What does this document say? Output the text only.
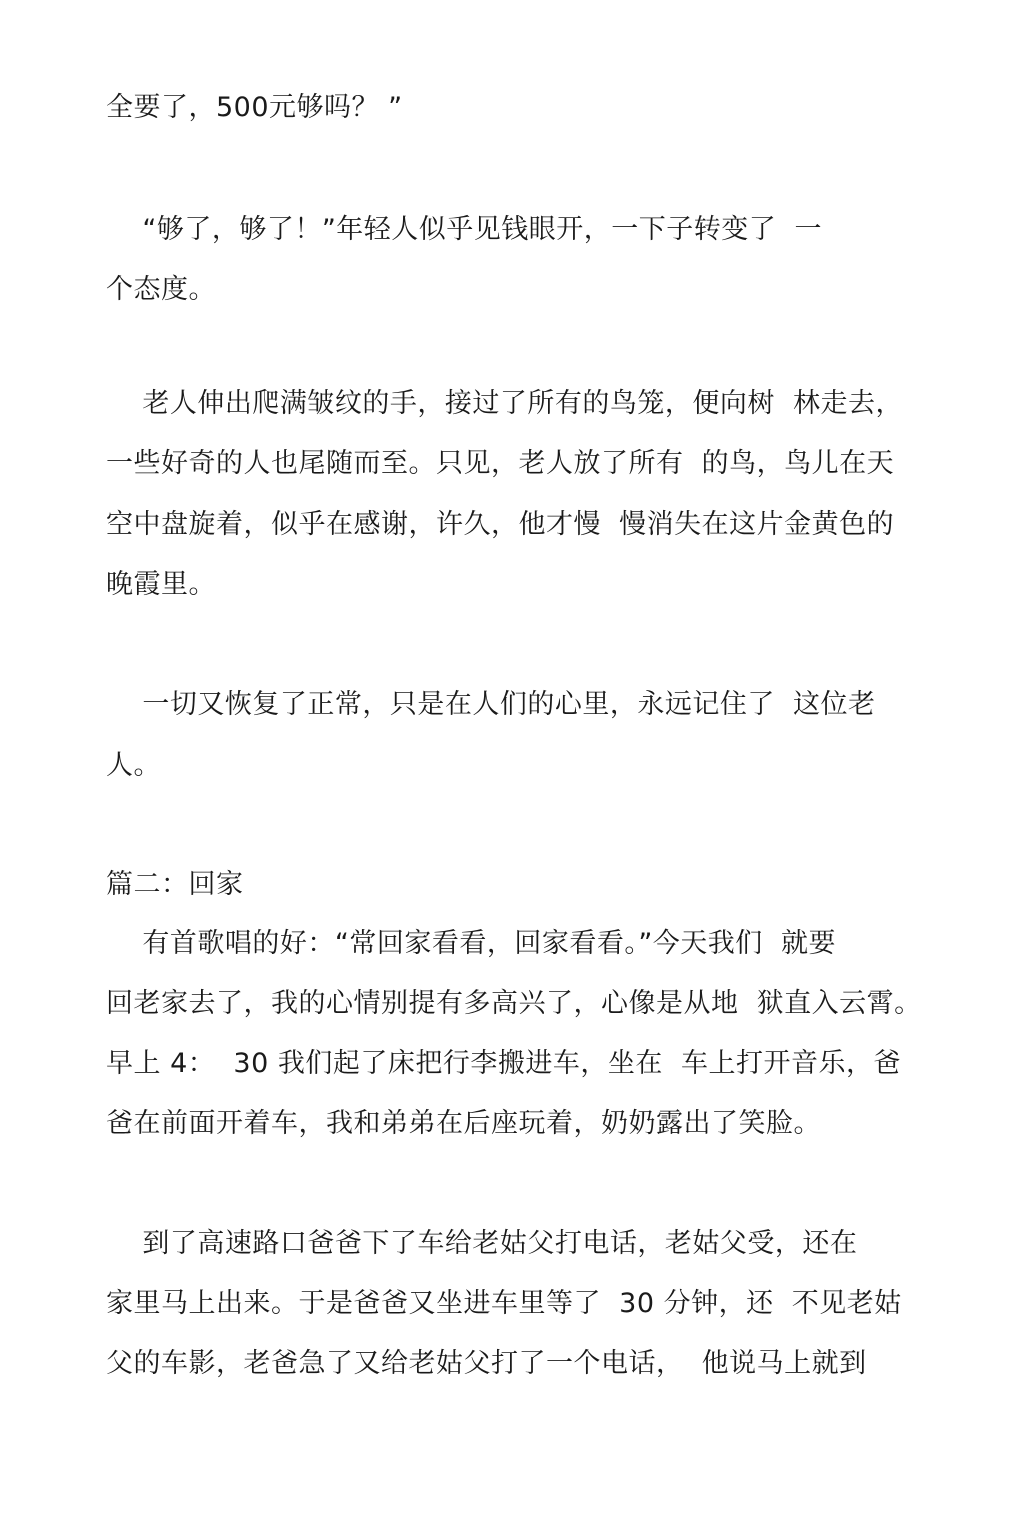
全要了，500元够吗？ ”
“够了，够了！”年轻人似乎见钱眼开，一下子转变了  一
个态度。
老人伸出爬满皱纹的手，接过了所有的鸟笼，便向树  林走去，
一些好奇的人也尾随而至。只见，老人放了所有  的鸟，鸟儿在天
空中盘旋着，似乎在感谢，许久，他才慢  慢消失在这片金黄色的
晚霞里。
一切又恢复了正常，只是在人们的心里，永远记住了  这位老
人。
篇二：回家
有首歌唱的好：“常回家看看，回家看看。”今天我们  就要
回老家去了，我的心情别提有多高兴了，心像是从地  狱直入云霄。
早上 4：  30 我们起了床把行李搬进车，坐在  车上打开音乐，爸
爸在前面开着车，我和弟弟在后座玩着，奶奶露出了笑脸。
到了高速路口爸爸下了车给老姑父打电话，老姑父受，还在
家里马上出来。于是爸爸又坐进车里等了  30 分钟，还  不见老姑
父的车影，老爸急了又给老姑父打了一个电话，  他说马上就到
